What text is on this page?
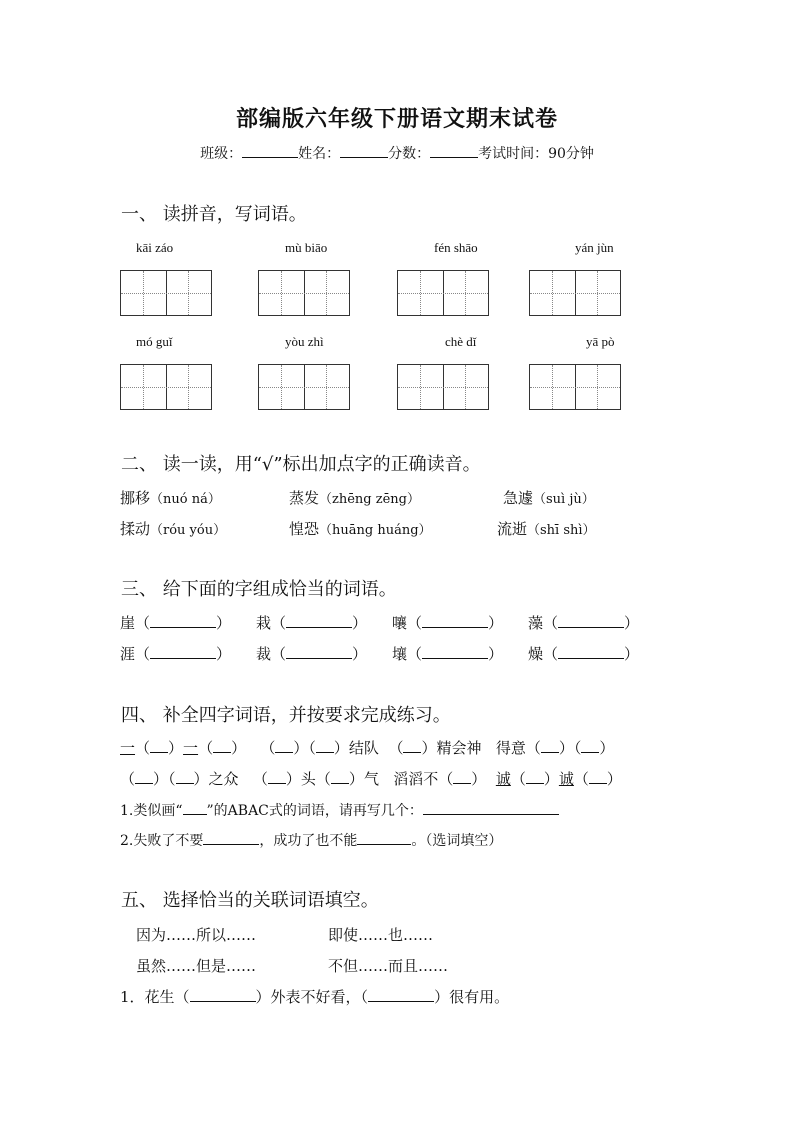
部编版六年级下册语文期末试卷
班级：	姓名：	分数：	考试时间：90分钟
一、 读拼音，写词语。
kāi záo	mù biāo	fén shāo	yán jùn
mó guǐ	yòu zhì	chè dǐ	yā pò
二、 读一读，用“√”标出加点字的正确读音。
挪移（nuó ná）	蒸发（zhēng zēng）	急遽（suì jù）
揉动（róu yóu）	惶恐（huāng huáng）	流逝（shī shì）
三、 给下面的字组成恰当的词语。
崖（	） 栽（	） 嚷（	） 藻（	）
涯（	） 裁（	） 壤（	） 燥（	）
四、 补全四字词语，并按要求完成练习。
一（ ）一（ ）   （ ）（ ）结队  （ ）精会神 得意（ ）（ ）
（ ）（ ）之众   （ ）头（ ）气 滔滔不（ ）  诚（ ）诚（ ）
1.类似画“ ”的ABAC式的词语，请再写几个：
2.失败了不要	，成功了也不能	。（选词填空）
五、 选择恰当的关联词语填空。
因为……所以……	即使……也……
虽然……但是……	不但……而且……
1．花生（	）外表不好看，（	）很有用。
